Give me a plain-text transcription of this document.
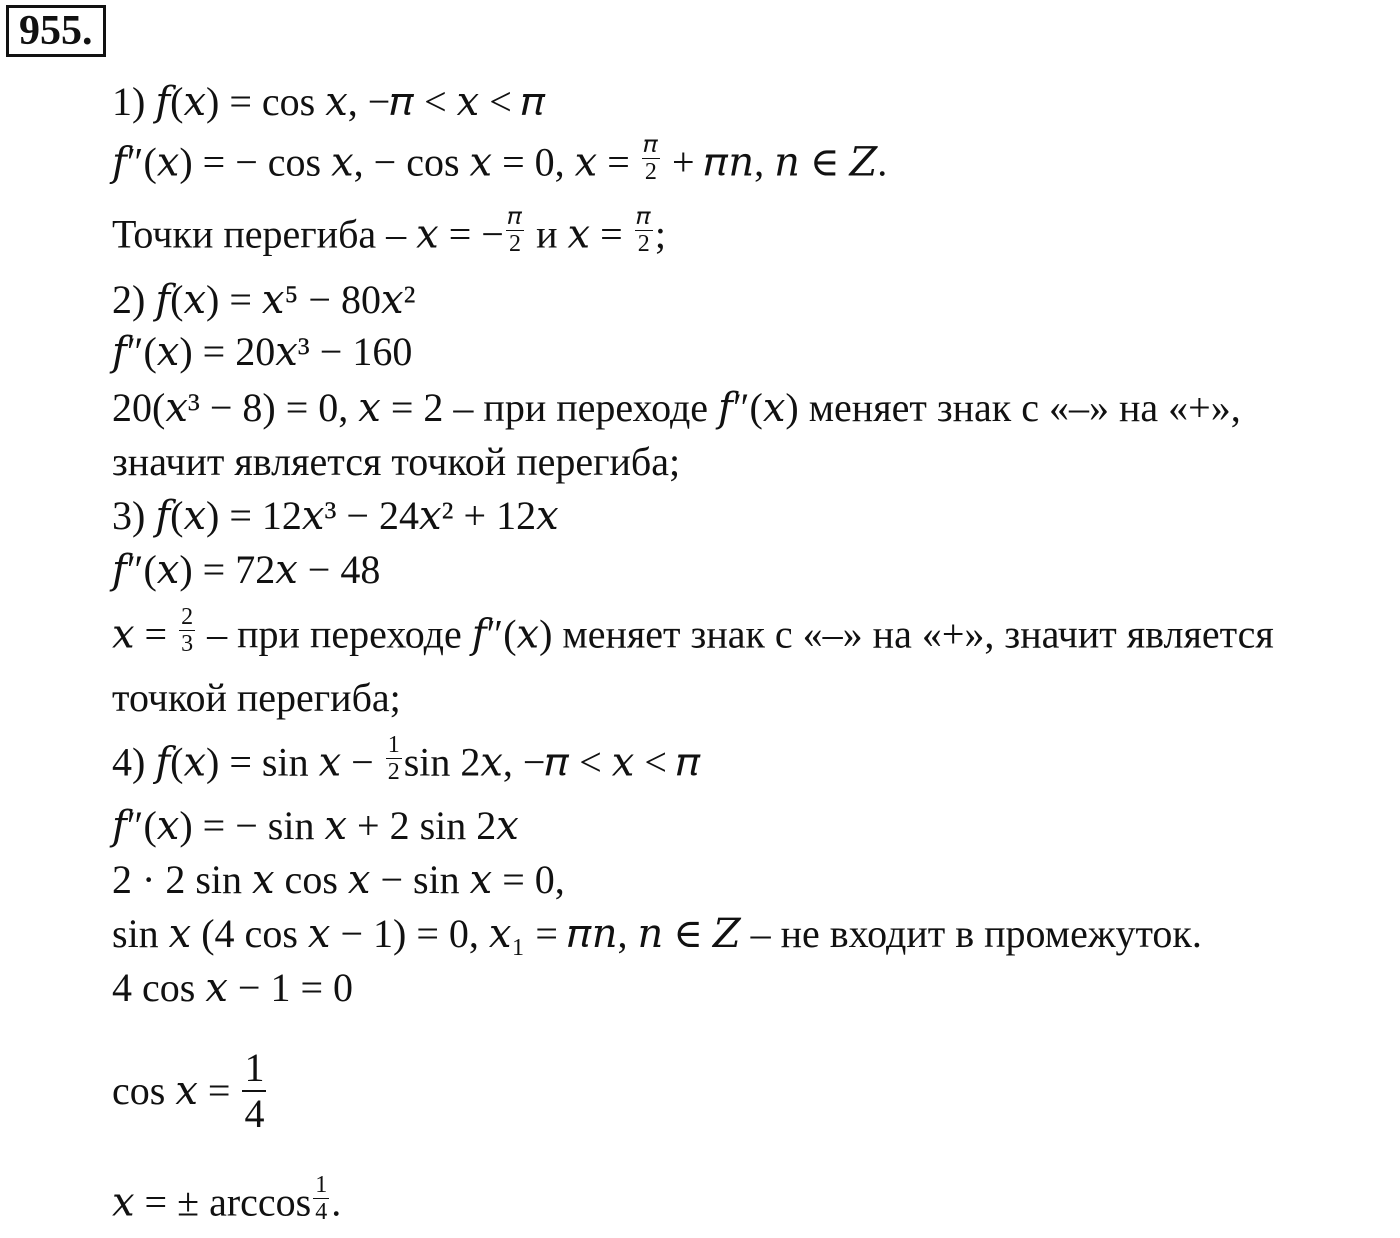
955.
1) 𝑓(𝑥) = cos 𝑥, −𝜋 < 𝑥 < 𝜋
𝑓″(𝑥) = − cos 𝑥, − cos 𝑥 = 0, 𝑥 = $\frac{\text{𝜋}}{2}$ + 𝜋𝑛, 𝑛 ∈ 𝑍.
Точки перегиба – 𝑥 = − $\frac{\text{𝜋}}{2}$ и 𝑥 = $\frac{\text{𝜋}}{2}$ ;
2) 𝑓(𝑥) = 𝑥⁵ − 80𝑥²
𝑓″(𝑥) = 20𝑥³ − 160
20(𝑥³ − 8) = 0, 𝑥 = 2 – при переходе 𝑓″(𝑥) меняет знак с «–» на «+»,
значит является точкой перегиба;
3) 𝑓(𝑥) = 12𝑥³ − 24𝑥² + 12𝑥
𝑓″(𝑥) = 72𝑥 − 48
𝑥 = $\frac{2}{3}$ – при переходе 𝑓″(𝑥) меняет знак с «–» на «+», значит является
точкой перегиба;
4) 𝑓(𝑥) = sin 𝑥 − $\frac{1}{2}$ sin 2𝑥, −𝜋 < 𝑥 < 𝜋
𝑓″(𝑥) = − sin 𝑥 + 2 sin 2𝑥
2 · 2 sin 𝑥 cos 𝑥 − sin 𝑥 = 0,
sin 𝑥 (4 cos 𝑥 − 1) = 0, 𝑥₁ = 𝜋𝑛, 𝑛 ∈ 𝑍 – не входит в промежуток.
4 cos 𝑥 − 1 = 0
cos 𝑥 = $\frac{1}{4}$
𝑥 = ± $\arccos \frac{1}{4}$ .
